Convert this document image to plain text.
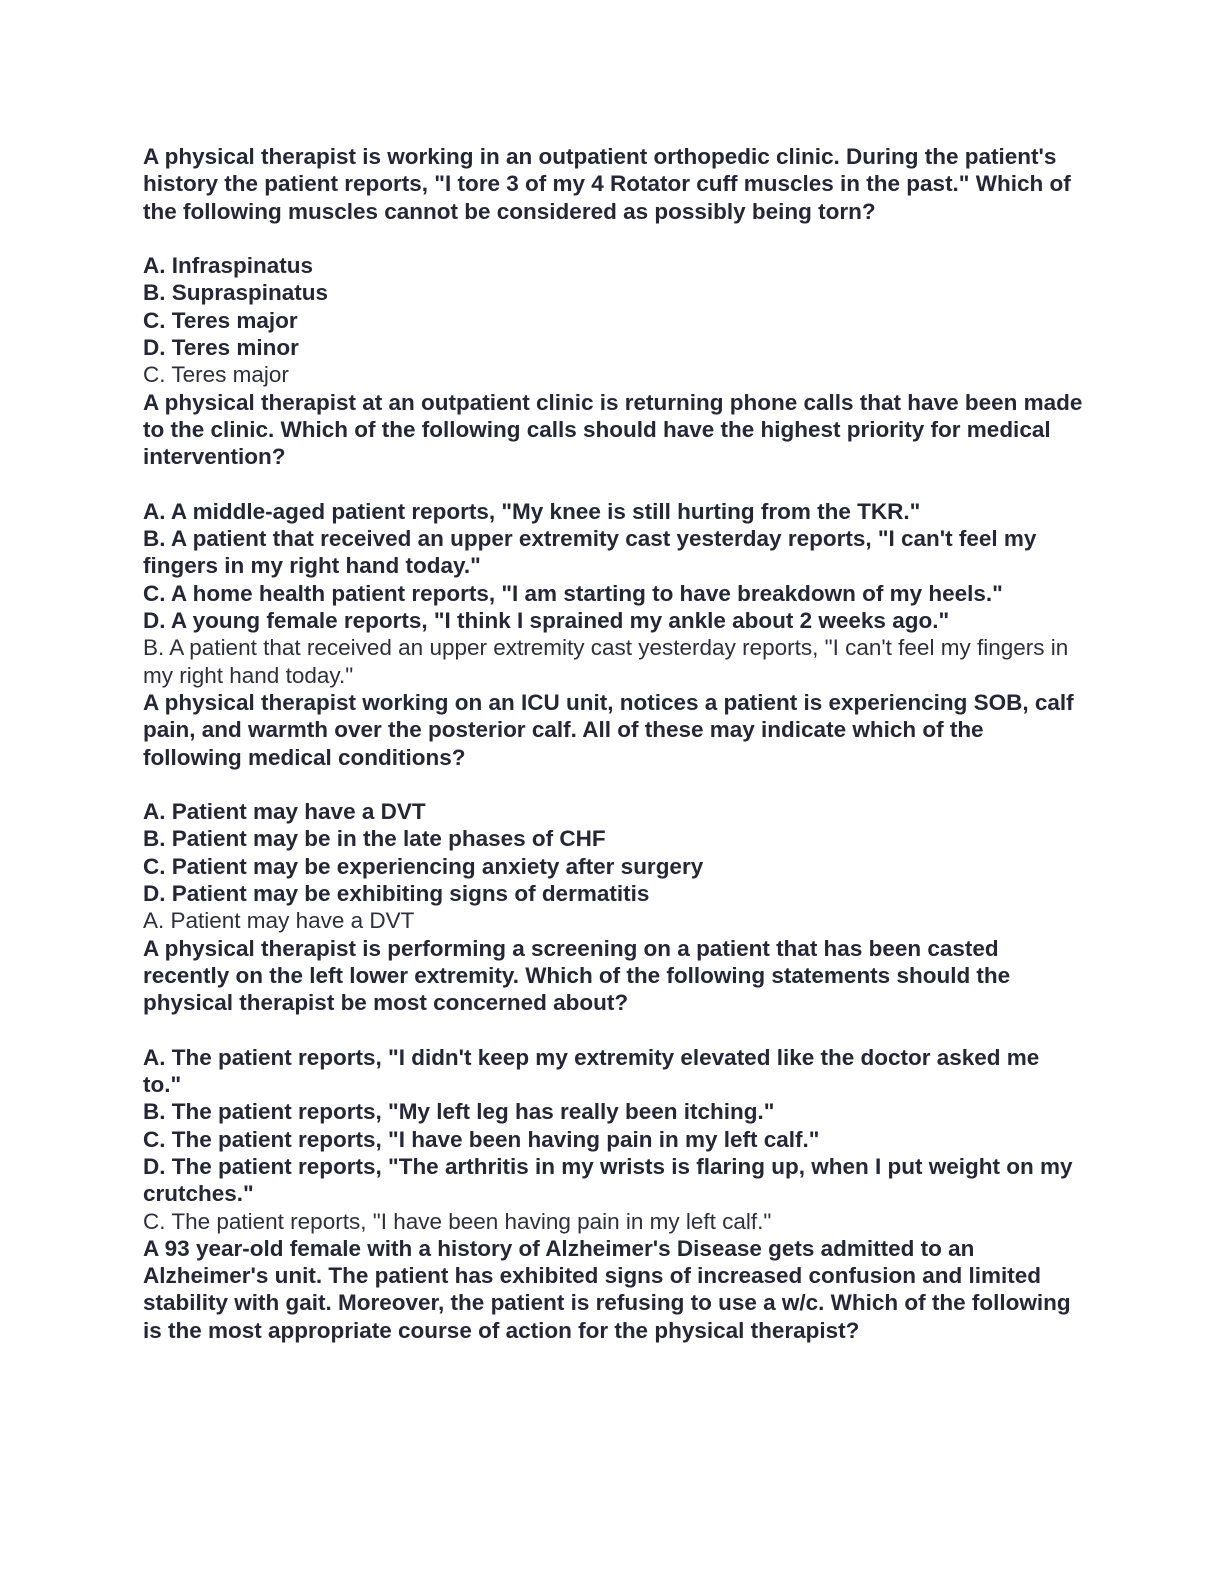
A physical therapist is working in an outpatient orthopedic clinic. During the patient's history the patient reports, "I tore 3 of my 4 Rotator cuff muscles in the past." Which of the following muscles cannot be considered as possibly being torn?

A. Infraspinatus
B. Supraspinatus
C. Teres major
D. Teres minor

C. Teres major

A physical therapist at an outpatient clinic is returning phone calls that have been made to the clinic. Which of the following calls should have the highest priority for medical intervention?

A. A middle-aged patient reports, "My knee is still hurting from the TKR."
B. A patient that received an upper extremity cast yesterday reports, "I can't feel my fingers in my right hand today."
C. A home health patient reports, "I am starting to have breakdown of my heels."
D. A young female reports, "I think I sprained my ankle about 2 weeks ago."

B. A patient that received an upper extremity cast yesterday reports, "I can't feel my fingers in my right hand today."

A physical therapist working on an ICU unit, notices a patient is experiencing SOB, calf pain, and warmth over the posterior calf. All of these may indicate which of the following medical conditions?

A. Patient may have a DVT
B. Patient may be in the late phases of CHF
C. Patient may be experiencing anxiety after surgery
D. Patient may be exhibiting signs of dermatitis

A. Patient may have a DVT

A physical therapist is performing a screening on a patient that has been casted recently on the left lower extremity. Which of the following statements should the physical therapist be most concerned about?

A. The patient reports, "I didn't keep my extremity elevated like the doctor asked me to."
B. The patient reports, "My left leg has really been itching."
C. The patient reports, "I have been having pain in my left calf."
D. The patient reports, "The arthritis in my wrists is flaring up, when I put weight on my crutches."

C. The patient reports, "I have been having pain in my left calf."

A 93 year-old female with a history of Alzheimer's Disease gets admitted to an Alzheimer's unit. The patient has exhibited signs of increased confusion and limited stability with gait. Moreover, the patient is refusing to use a w/c. Which of the following is the most appropriate course of action for the physical therapist?
